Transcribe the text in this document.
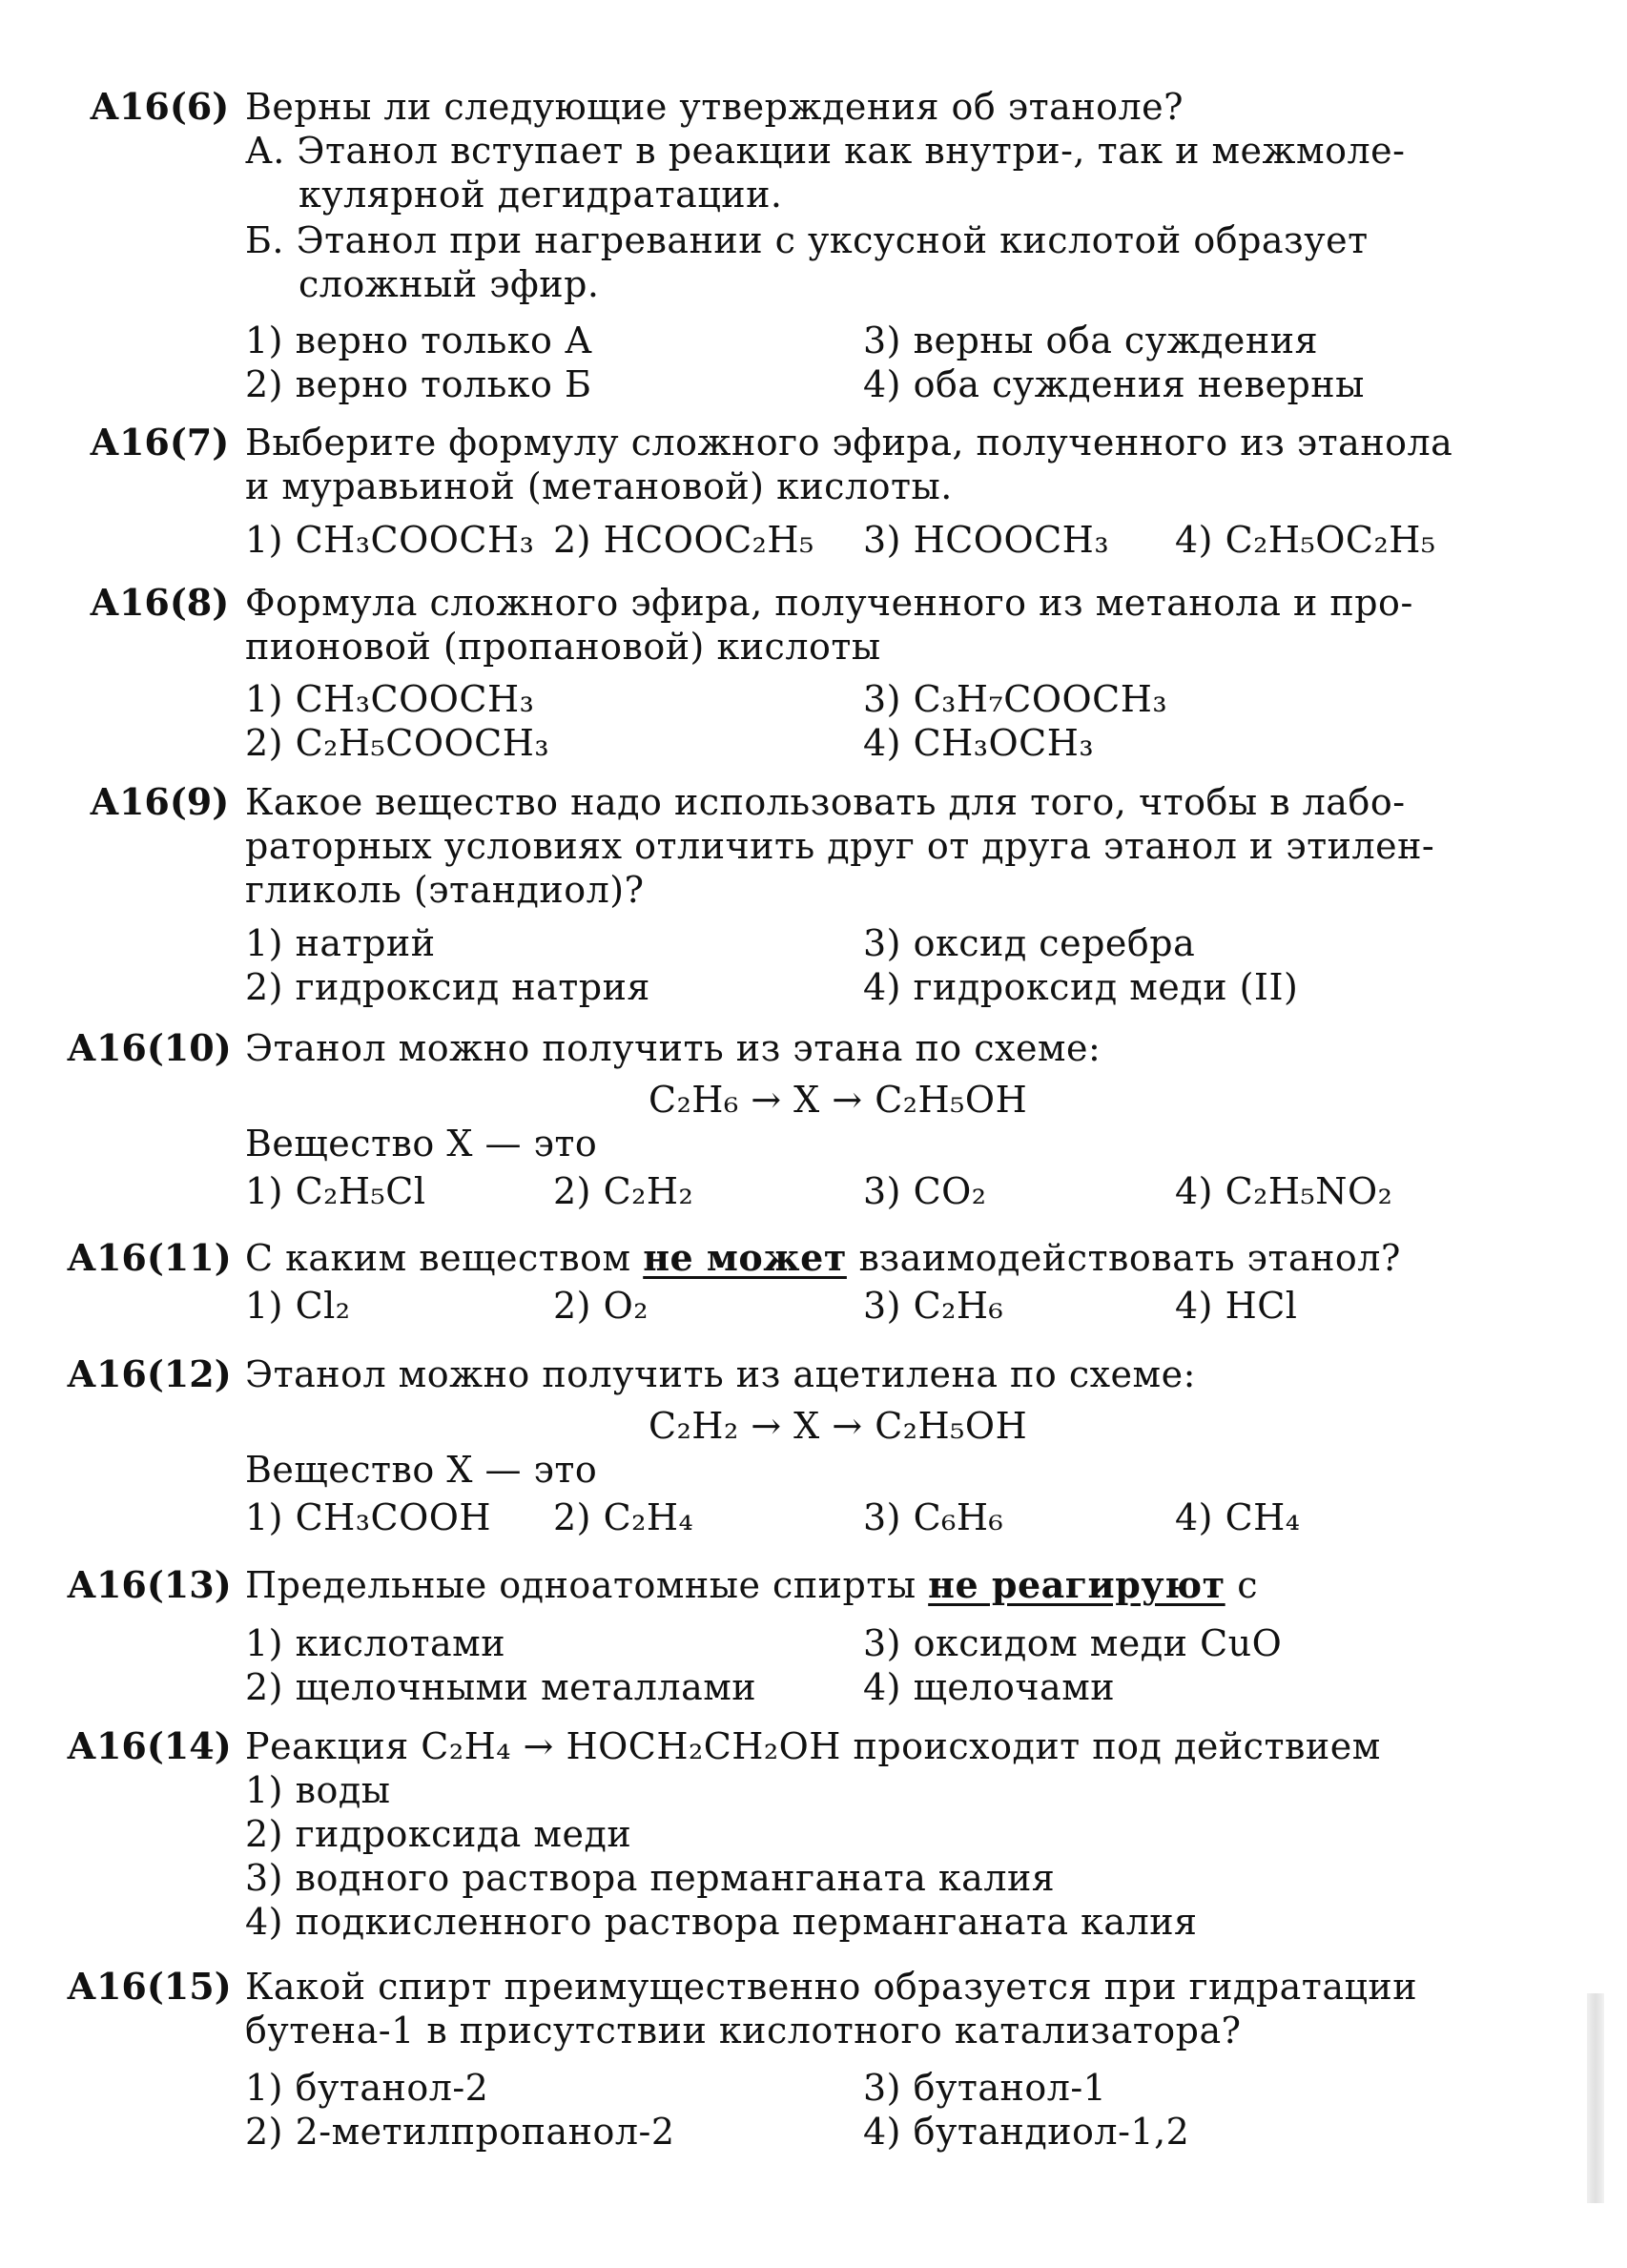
А16(6) Верны ли следующие утверждения об этаноле?
А. Этанол вступает в реакции как внутри-, так и межмоле-
кулярной дегидратации.
Б. Этанол при нагревании с уксусной кислотой образует
сложный эфир.
1) верно только А
2) верно только Б
3) верны оба суждения
4) оба суждения неверны
А16(7) Выберите формулу сложного эфира, полученного из этанола
и муравьиной (метановой) кислоты.
1) CH₃COOCH₃ 2) HCOOC₂H₅ 3) HCOOCH₃ 4) C₂H₅OC₂H₅
А16(8) Формула сложного эфира, полученного из метанола и про-
пионовой (пропановой) кислоты
1) CH₃COOCH₃
2) C₂H₅COOCH₃
3) C₃H₇COOCH₃
4) CH₃OCH₃
А16(9) Какое вещество надо использовать для того, чтобы в лабо-
раторных условиях отличить друг от друга этанол и этилен-
гликоль (этандиол)?
1) натрий
2) гидроксид натрия
3) оксид серебра
4) гидроксид меди (II)
А16(10) Этанол можно получить из этана по схеме:
C₂H₆ → X → C₂H₅OH
Вещество X — это
1) C₂H₅Cl	2) C₂H₂	3) CO₂	4) C₂H₅NO₂
А16(11) С каким веществом не может взаимодействовать этанол?
1) Cl₂	2) O₂	3) C₂H₆	4) HCl
А16(12) Этанол можно получить из ацетилена по схеме:
C₂H₂ → X → C₂H₅OH
Вещество X — это
1) CH₃COOH 2) C₂H₄	3) C₆H₆	4) CH₄
А16(13) Предельные одноатомные спирты не реагируют с
1) кислотами
2) щелочными металлами
3) оксидом меди CuO
4) щелочами
А16(14) Реакция C₂H₄ → HOCH₂CH₂OH происходит под действием
1) воды
2) гидроксида меди
3) водного раствора перманганата калия
4) подкисленного раствора перманганата калия
А16(15) Какой спирт преимущественно образуется при гидратации
бутена-1 в присутствии кислотного катализатора?
1) бутанол-2
2) 2-метилпропанол-2
3) бутанол-1
4) бутандиол-1,2
